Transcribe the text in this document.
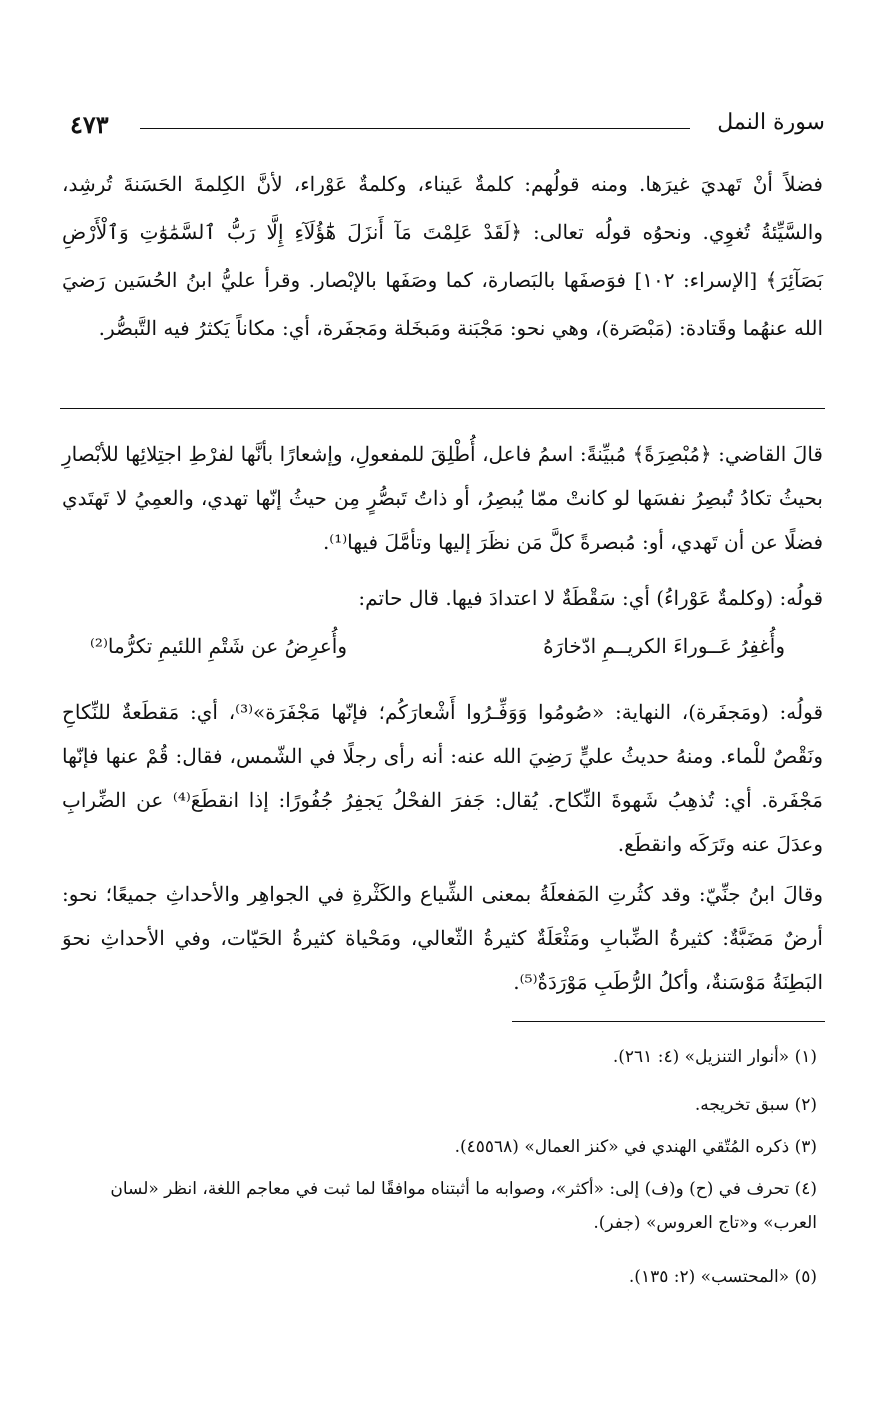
سورة النمل
٤٧٣
فضلاً أنْ تَهديَ غيرَها. ومنه قولُهم: كلمةٌ عَيناء، وكلمةٌ عَوْراء، لأنَّ الكِلمةَ الحَسَنةَ تُرشِد، والسَّيِّئةُ تُغوِي. ونحوُه قولُه تعالى: ﴿لَقَدْ عَلِمْتَ مَآ أَنزَلَ هَٰٓؤُلَآءِ إِلَّا رَبُّ ٱلسَّمَٰوَٰتِ وَٱلْأَرْضِ بَصَآئِرَ﴾ [الإسراء: ١٠٢] فوَصفَها بالبَصارة، كما وصَفَها بالإبْصار. وقرأ عليُّ ابنُ الحُسَين رَضيَ الله عنهُما وقَتادة: (مَبْصَرة)، وهي نحو: مَجْبَنة ومَبخَلة ومَجفَرة، أي: مكاناً يَكثرُ فيه التَّبصُّر.
قالَ القاضي: ﴿مُبْصِرَةً﴾ مُبيِّنةً: اسمُ فاعل، أُطْلِقَ للمفعولِ، وإشعارًا بأنَّها لفرْطِ اجتِلائِها للأبْصارِ بحيثُ تكادُ تُبصِرُ نفسَها لو كانتْ ممّا يُبصِرُ، أو ذاتُ تَبصُّرٍ مِن حيثُ إنّها تهدي، والعمِيُ لا تَهتَدي فضلًا عن أن تَهدي، أو: مُبصرةً كلَّ مَن نظَرَ إليها وتأمَّلَ فيها⁽¹⁾.
قولُه: (وكلمةٌ عَوْراءُ) أي: سَقْطَةٌ لا اعتدادَ فيها. قال حاتم:
وأُغفِرُ عَــوراءَ الكريــمِ ادّخارَهُ
وأُعرِضُ عن شَتْمِ اللئيمِ تكرُّما⁽²⁾
قولُه: (ومَجفَرة)، النهاية: «صُومُوا وَوَفِّـرُوا أَشْعارَكُم؛ فإنّها مَجْفَرَة»⁽³⁾، أي: مَقطَعةٌ للنِّكاحِ ونَقْصٌ للْماء. ومنهُ حديثُ عليٍّ رَضِيَ الله عنه: أنه رأى رجلًا في الشّمس، فقال: قُمْ عنها فإنّها مَجْفَرة. أي: تُذهِبُ شَهوةَ النِّكاح. يُقال: جَفرَ الفحْلُ يَجفِرُ جُفُورًا: إذا انقطَعَ⁽⁴⁾ عن الضِّرابِ وعدَلَ عنه وتَرَكَه وانقطَع.
وقالَ ابنُ جنِّيّ: وقد كثُرتِ المَفعلَةُ بمعنى الشِّياع والكَثْرةِ في الجواهِر والأحداثِ جميعًا؛ نحو: أرضٌ مَضَبَّةٌ: كثيرةُ الضِّبابِ ومَثْعَلَةٌ كثيرةُ الثّعالي، ومَحْياة كثيرةُ الحَيّات، وفي الأحداثِ نحوَ البَطِنَةُ مَوْسَنةٌ، وأكلُ الرُّطَبِ مَوْرَدَةٌ⁽⁵⁾.
(١) «أنوار التنزيل» (٤: ٢٦١).
(٢) سبق تخريجه.
(٣) ذكره المُتّقي الهندي في «كنز العمال» (٤٥٥٦٨).
(٤) تحرف في (ح) و(ف) إلى: «أكثر»، وصوابه ما أثبتناه موافقًا لما ثبت في معاجم اللغة، انظر «لسان العرب» و«تاج العروس» (جفر).
(٥) «المحتسب» (٢: ١٣٥).
